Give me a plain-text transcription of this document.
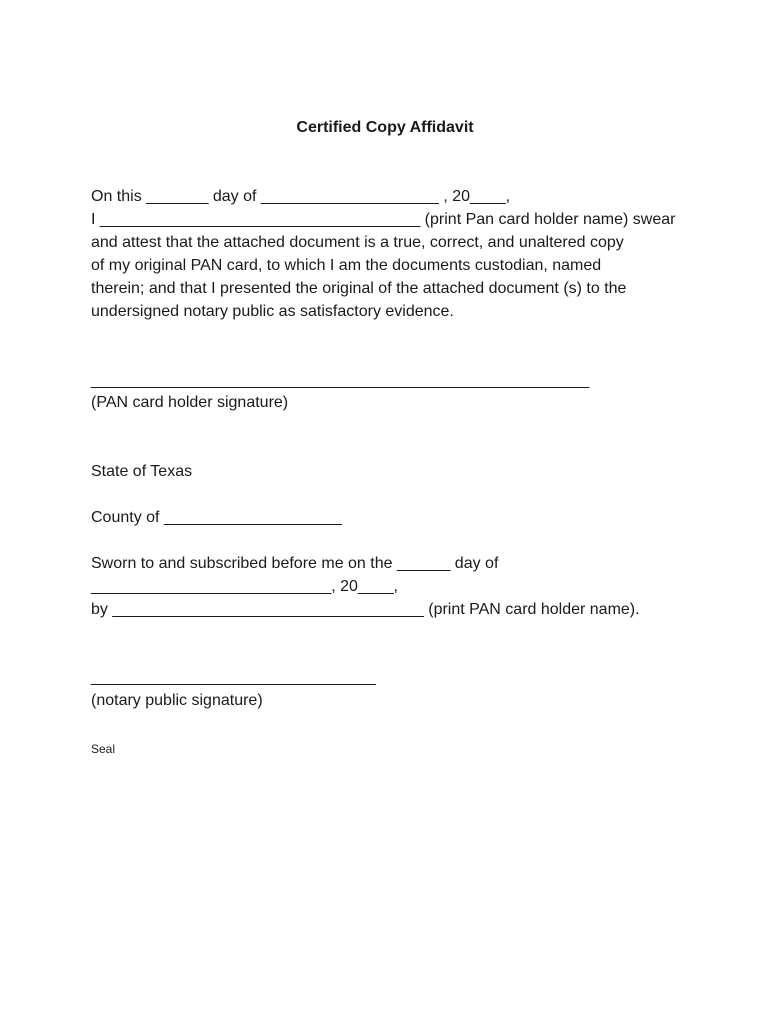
Certified Copy Affidavit
On this _______ day of ____________________ , 20____,
I ____________________________________ (print Pan card holder name) swear
and attest that the attached document is a true, correct, and unaltered copy
of my original PAN card, to which I am the documents custodian, named
therein; and that I presented the original of the attached document (s) to the
undersigned notary public as satisfactory evidence.
________________________________________________________
(PAN card holder signature)
State of Texas
County of ____________________
Sworn to and subscribed before me on the ______ day of
___________________________, 20____,
by ___________________________________ (print PAN card holder name).
________________________________
(notary public signature)
Seal
